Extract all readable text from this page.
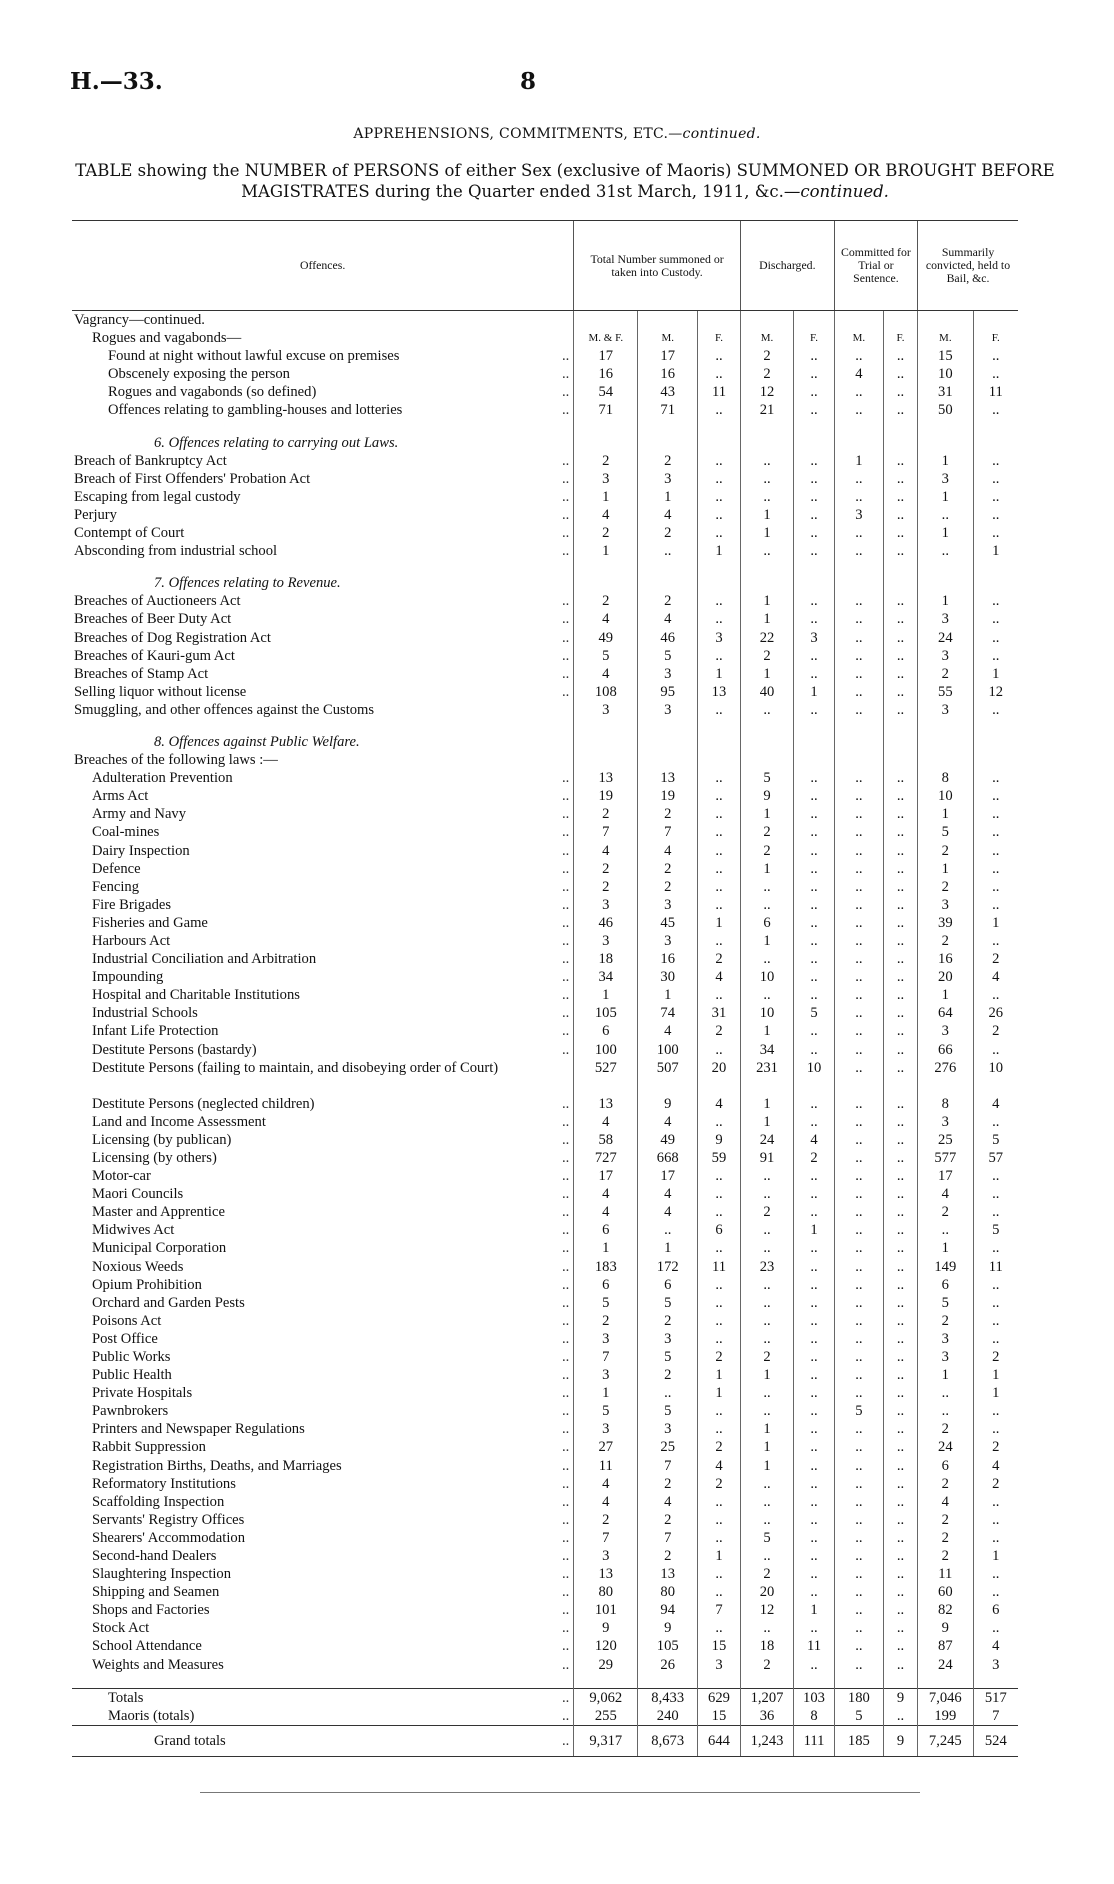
H.—33.	8
APPREHENSIONS, COMMITMENTS, ETC.—continued.
TABLE showing the NUMBER of PERSONS of either Sex (exclusive of Maoris) SUMMONED OR BROUGHT BEFORE MAGISTRATES during the Quarter ended 31st March, 1911, &c.—continued.
Offences.	Total Number summoned or taken into Custody.			Discharged.		Committed for Trial or Sentence.		Summarily convicted, held to Bail, &c.	
Vagrancy—continued.									
Rogues and vagabonds—	M. & F.	M.	F.	M.	F.	M.	F.	M.	F.
Found at night without lawful excuse on premises ..	17	17	..	2	..	..	..	15	..
Obscenely exposing the person ..	16	16	..	2	..	4	..	10	..
Rogues and vagabonds (so defined) ..	54	43	11	12	..	..	..	31	11
Offences relating to gambling-houses and lotteries ..	71	71	..	21	..	..	..	50	..

6. Offences relating to carrying out Laws.									
Breach of Bankruptcy Act ..	2	2	..	..	..	1	..	1	..
Breach of First Offenders' Probation Act ..	3	3	..	..	..	..	..	3	..
Escaping from legal custody ..	1	1	..	..	..	..	..	1	..
Perjury ..	4	4	..	1	..	3	..	..	..
Contempt of Court ..	2	2	..	1	..	..	..	1	..
Absconding from industrial school ..	1	..	1	..	..	..	..	..	1

7. Offences relating to Revenue.									
Breaches of Auctioneers Act ..	2	2	..	1	..	..	..	1	..
Breaches of Beer Duty Act ..	4	4	..	1	..	..	..	3	..
Breaches of Dog Registration Act ..	49	46	3	22	3	..	..	24	..
Breaches of Kauri-gum Act ..	5	5	..	2	..	..	..	3	..
Breaches of Stamp Act ..	4	3	1	1	..	..	..	2	1
Selling liquor without license ..	108	95	13	40	1	..	..	55	12
Smuggling, and other offences against the Customs	3	3	..	..	..	..	..	3	..

8. Offences against Public Welfare.									
Breaches of the following laws :—									
Adulteration Prevention ..	13	13	..	5	..	..	..	8	..
Arms Act ..	19	19	..	9	..	..	..	10	..
Army and Navy ..	2	2	..	1	..	..	..	1	..
Coal-mines ..	7	7	..	2	..	..	..	5	..
Dairy Inspection ..	4	4	..	2	..	..	..	2	..
Defence ..	2	2	..	1	..	..	..	1	..
Fencing ..	2	2	..	..	..	..	..	2	..
Fire Brigades ..	3	3	..	..	..	..	..	3	..
Fisheries and Game ..	46	45	1	6	..	..	..	39	1
Harbours Act ..	3	3	..	1	..	..	..	2	..
Industrial Conciliation and Arbitration ..	18	16	2	..	..	..	..	16	2
Impounding ..	34	30	4	10	..	..	..	20	4
Hospital and Charitable Institutions ..	1	1	..	..	..	..	..	1	..
Industrial Schools ..	105	74	31	10	5	..	..	64	26
Infant Life Protection ..	6	4	2	1	..	..	..	3	2
Destitute Persons (bastardy) ..	100	100	..	34	..	..	..	66	..
Destitute Persons (failing to maintain, and disobeying order of Court)	527	507	20	231	10	..	..	276	10
Destitute Persons (neglected children) ..	13	9	4	1	..	..	..	8	4
Land and Income Assessment ..	4	4	..	1	..	..	..	3	..
Licensing (by publican) ..	58	49	9	24	4	..	..	25	5
Licensing (by others) ..	727	668	59	91	2	..	..	577	57
Motor-car ..	17	17	..	..	..	..	..	17	..
Maori Councils ..	4	4	..	..	..	..	..	4	..
Master and Apprentice ..	4	4	..	2	..	..	..	2	..
Midwives Act ..	6	..	6	..	1	..	..	..	5
Municipal Corporation ..	1	1	..	..	..	..	..	1	..
Noxious Weeds ..	183	172	11	23	..	..	..	149	11
Opium Prohibition ..	6	6	..	..	..	..	..	6	..
Orchard and Garden Pests ..	5	5	..	..	..	..	..	5	..
Poisons Act ..	2	2	..	..	..	..	..	2	..
Post Office ..	3	3	..	..	..	..	..	3	..
Public Works ..	7	5	2	2	..	..	..	3	2
Public Health ..	3	2	1	1	..	..	..	1	1
Private Hospitals ..	1	..	1	..	..	..	..	..	1
Pawnbrokers ..	5	5	..	..	..	5	..	..	..
Printers and Newspaper Regulations ..	3	3	..	1	..	..	..	2	..
Rabbit Suppression ..	27	25	2	1	..	..	..	24	2
Registration Births, Deaths, and Marriages ..	11	7	4	1	..	..	..	6	4
Reformatory Institutions ..	4	2	2	..	..	..	..	2	2
Scaffolding Inspection ..	4	4	..	..	..	..	..	4	..
Servants' Registry Offices ..	2	2	..	..	..	..	..	2	..
Shearers' Accommodation ..	7	7	..	5	..	..	..	2	..
Second-hand Dealers ..	3	2	1	..	..	..	..	2	1
Slaughtering Inspection ..	13	13	..	2	..	..	..	11	..
Shipping and Seamen ..	80	80	..	20	..	..	..	60	..
Shops and Factories ..	101	94	7	12	1	..	..	82	6
Stock Act ..	9	9	..	..	..	..	..	9	..
School Attendance ..	120	105	15	18	11	..	..	87	4
Weights and Measures ..	29	26	3	2	..	..	..	24	3

Totals ..	9,062	8,433	629	1,207	103	180	9	7,046	517
Maoris (totals) ..	255	240	15	36	8	5	..	199	7
Grand totals ..	9,317	8,673	644	1,243	111	185	9	7,245	524
